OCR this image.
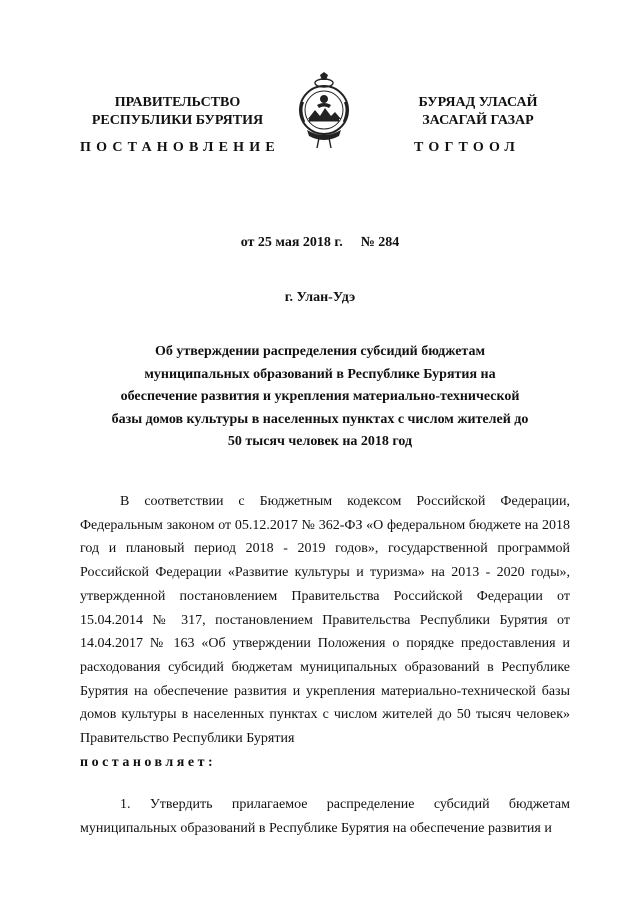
ПРАВИТЕЛЬСТВО
РЕСПУБЛИКИ БУРЯТИЯ
БУРЯАД УЛАСАЙ
ЗАСАГАЙ ГАЗАР
ПОСТАНОВЛЕНИЕ	ТОГТООЛ
от 25 мая 2018 г. № 284
г. Улан-Удэ
Об утверждении распределения субсидий бюджетам муниципальных образований в Республике Бурятия на обеспечение развития и укрепления материально-технической базы домов культуры в населенных пунктах с числом жителей до 50 тысяч человек на 2018 год

В соответствии с Бюджетным кодексом Российской Федерации, Федеральным законом от 05.12.2017 № 362-ФЗ «О федеральном бюджете на 2018 год и плановый период 2018 - 2019 годов», государственной программой Российской Федерации «Развитие культуры и туризма» на 2013 - 2020 годы», утвержденной постановлением Правительства Российской Федерации от 15.04.2014 № 317, постановлением Правительства Республики Бурятия от 14.04.2017 № 163 «Об утверждении Положения о порядке предоставления и расходования субсидий бюджетам муниципальных образований в Республике Бурятия на обеспечение развития и укрепления материально-технической базы домов культуры в населенных пунктах с числом жителей до 50 тысяч человек» Правительство Республики Бурятия

постановляет:

1. Утвердить прилагаемое распределение субсидий бюджетам муниципальных образований в Республике Бурятия на обеспечение развития и
